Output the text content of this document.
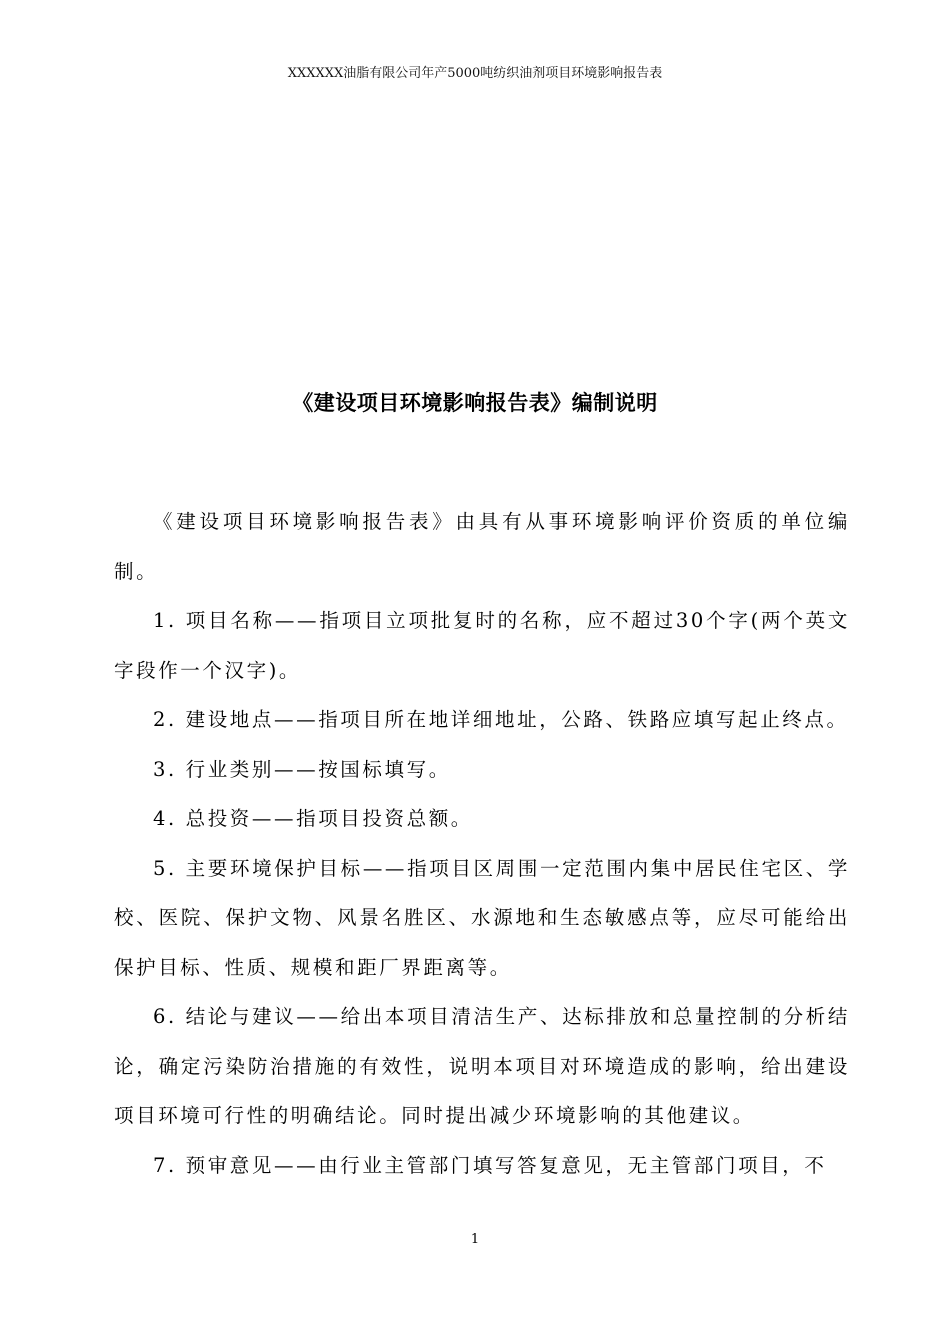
XXXXXX油脂有限公司年产5000吨纺织油剂项目环境影响报告表
《建设项目环境影响报告表》编制说明

《建设项目环境影响报告表》由具有从事环境影响评价资质的单位编制。

1. 项目名称——指项目立项批复时的名称，应不超过30个字(两个英文字段作一个汉字)。

2. 建设地点——指项目所在地详细地址，公路、铁路应填写起止终点。

3. 行业类别——按国标填写。

4. 总投资——指项目投资总额。

5. 主要环境保护目标——指项目区周围一定范围内集中居民住宅区、学校、医院、保护文物、风景名胜区、水源地和生态敏感点等，应尽可能给出保护目标、性质、规模和距厂界距离等。

6. 结论与建议——给出本项目清洁生产、达标排放和总量控制的分析结论，确定污染防治措施的有效性，说明本项目对环境造成的影响，给出建设项目环境可行性的明确结论。同时提出减少环境影响的其他建议。

7. 预审意见——由行业主管部门填写答复意见，无主管部门项目，不

1
